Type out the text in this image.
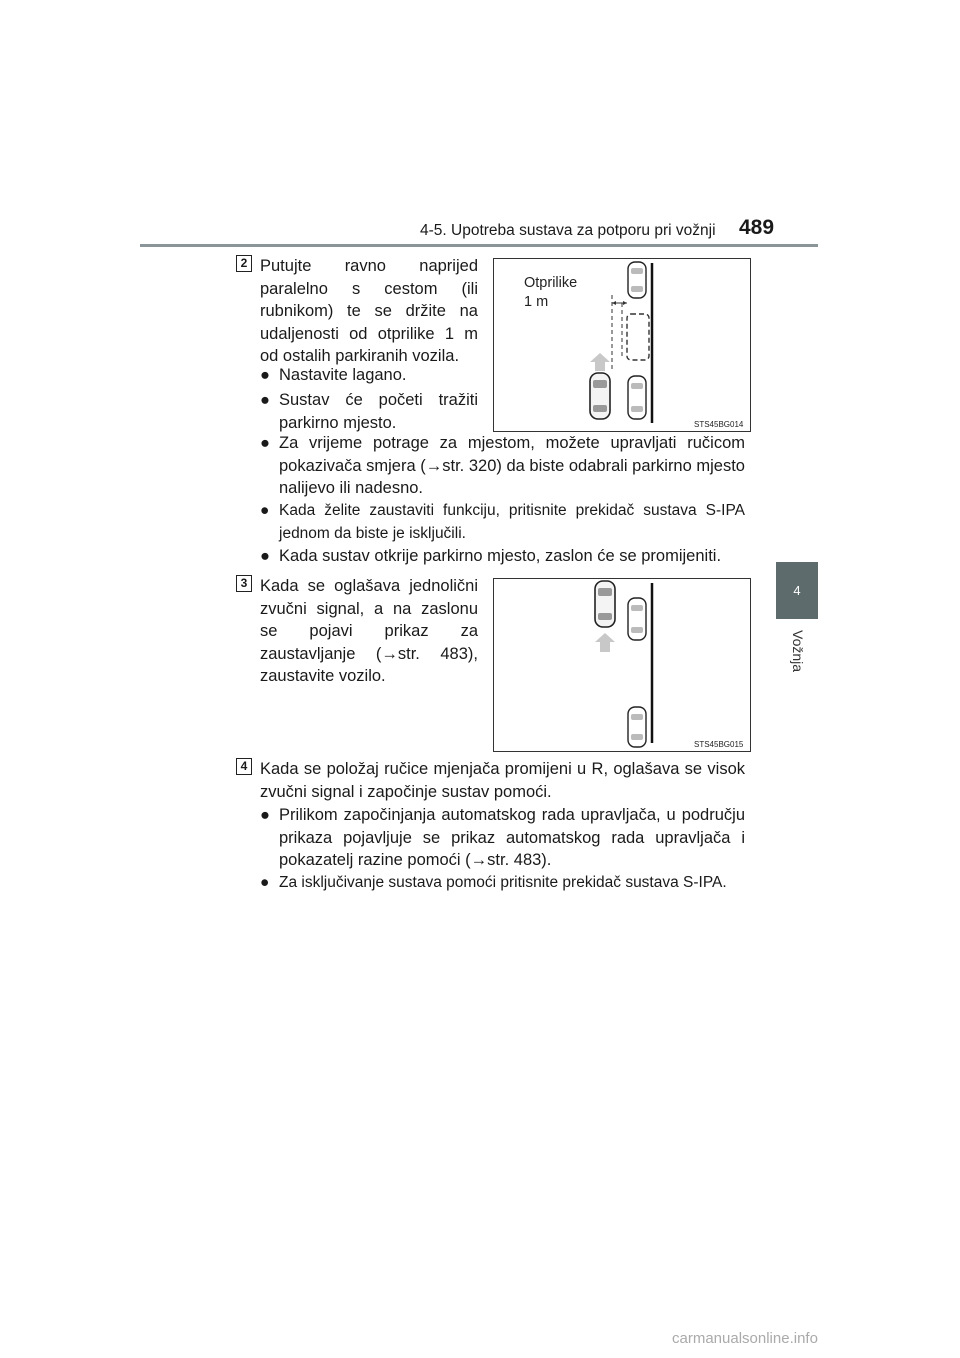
4-5. Upotreba sustava za potporu pri vožnji 489
4
Vožnja
2 Putujte ravno naprijed paralelno s cestom (ili rubnikom) te se držite na udaljenosti od otprilike 1 m od ostalih parkiranih vozila.
● Nastavite lagano.
● Sustav će početi tražiti parkirno mjesto.
Otprilike
1 m
STS45BG014
● Za vrijeme potrage za mjestom, možete upravljati ručicom pokazivača smjera (→str. 320) da biste odabrali parkirno mjesto nalijevo ili nadesno.
● Kada želite zaustaviti funkciju, pritisnite prekidač sustava S-IPA jednom da biste je isključili.
● Kada sustav otkrije parkirno mjesto, zaslon će se promijeniti.
3 Kada se oglašava jednolični zvučni signal, a na zaslonu se pojavi prikaz za zaustavljanje (→str. 483), zaustavite vozilo.
STS45BG015
4 Kada se položaj ručice mjenjača promijeni u R, oglašava se visok zvučni signal i započinje sustav pomoći.
● Prilikom započinjanja automatskog rada upravljača, u području prikaza pojavljuje se prikaz automatskog rada upravljača i pokazatelj razine pomoći (→str. 483).
● Za isključivanje sustava pomoći pritisnite prekidač sustava S-IPA.
carmanualsonline.info
